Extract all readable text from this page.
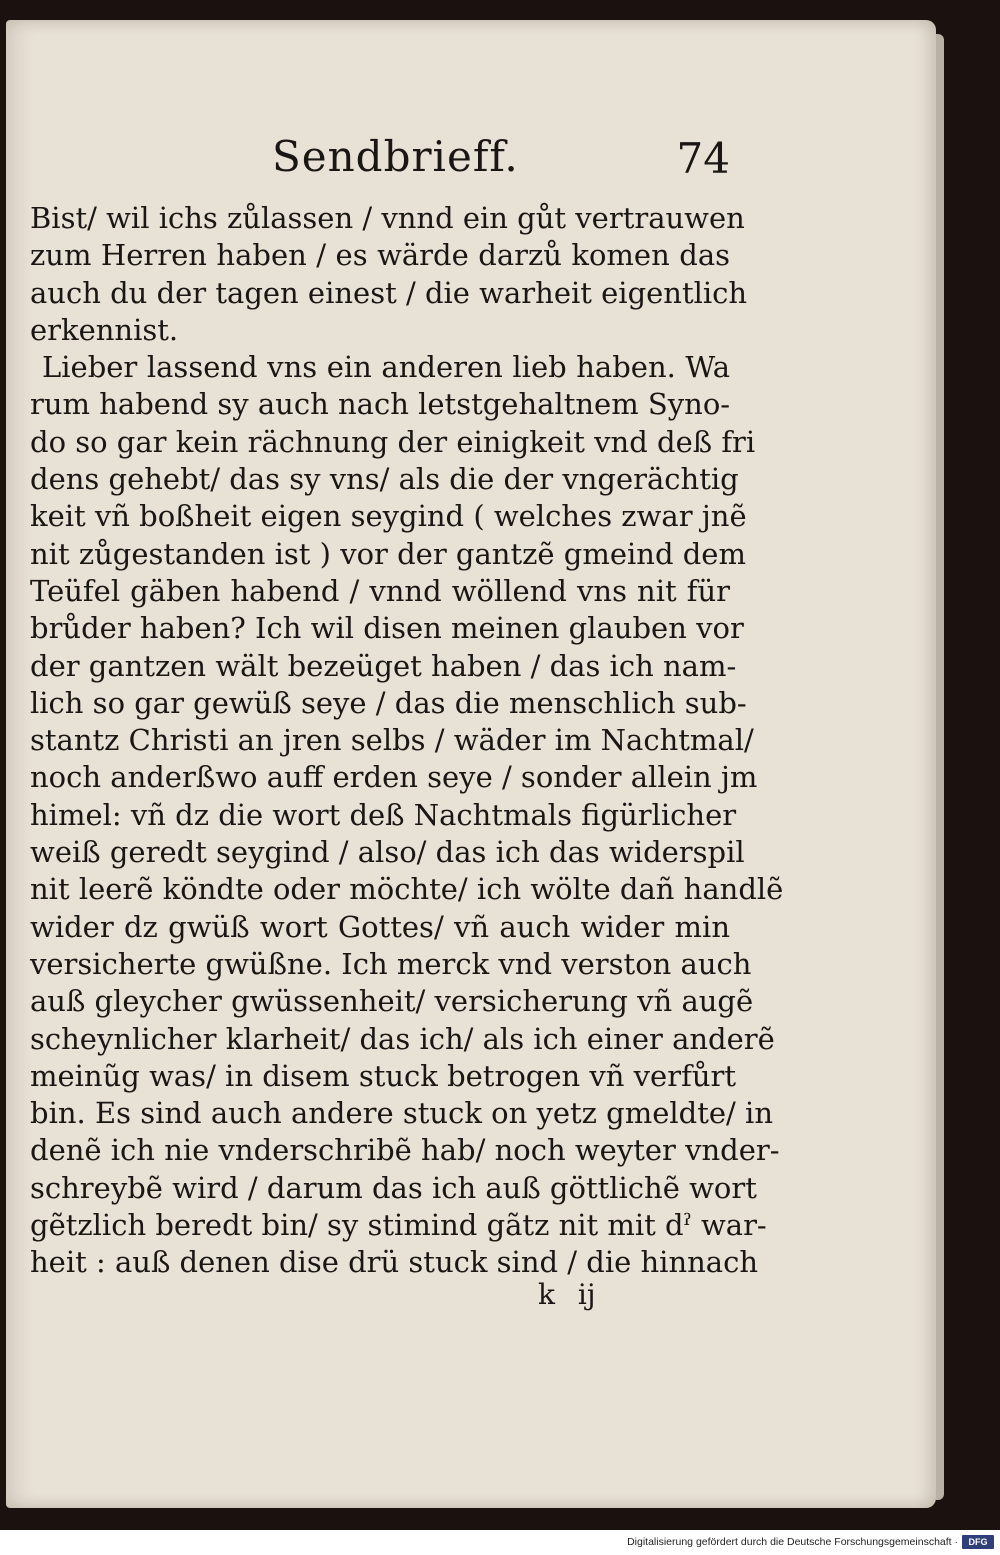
Sendbrieff.	74
Bist/ wil ichs zůlassen / vnnd ein gůt vertrauwen
zum Herren haben / es wärde darzů komen das
auch du der tagen einest / die warheit eigentlich
erkennist.
Lieber lassend vns ein anderen lieb haben. Wa
rum habend sy auch nach letstgehaltnem Syno-
do so gar kein rächnung der einigkeit vnd deß fri
dens gehebt/ das sy vns/ als die der vngerächtig
keit vñ boßheit eigen seygind ( welches zwar jnẽ
nit zůgestanden ist ) vor der gantzẽ gmeind dem
Teüfel gäben habend / vnnd wöllend vns nit für
brůder haben? Ich wil disen meinen glauben vor
der gantzen wält bezeüget haben / das ich nam-
lich so gar gewüß seye / das die menschlich sub-
stantz Christi an jren selbs / wäder im Nachtmal/
noch anderßwo auff erden seye / sonder allein jm
himel: vñ dz die wort deß Nachtmals figürlicher
weiß geredt seygind / also/ das ich das widerspil
nit leerẽ köndte oder möchte/ ich wölte dañ handlẽ
wider dz gwüß wort Gottes/ vñ auch wider min
versicherte gwüßne. Ich merck vnd verston auch
auß gleycher gwüssenheit/ versicherung vñ augẽ
scheynlicher klarheit/ das ich/ als ich einer anderẽ
meinũg was/ in disem stuck betrogen vñ verfůrt
bin. Es sind auch andere stuck on yetz gmeldte/ in
denẽ ich nie vnderschribẽ hab/ noch weyter vnder-
schreybẽ wird / darum das ich auß göttlichẽ wort
gẽtzlich beredt bin/ sy stimind gãtz nit mit dˀ war-
heit : auß denen dise drü stuck sind / die hinnach
k ij
Digitalisierung gefördert durch die Deutsche Forschungsgemeinschaft ·	DFG
